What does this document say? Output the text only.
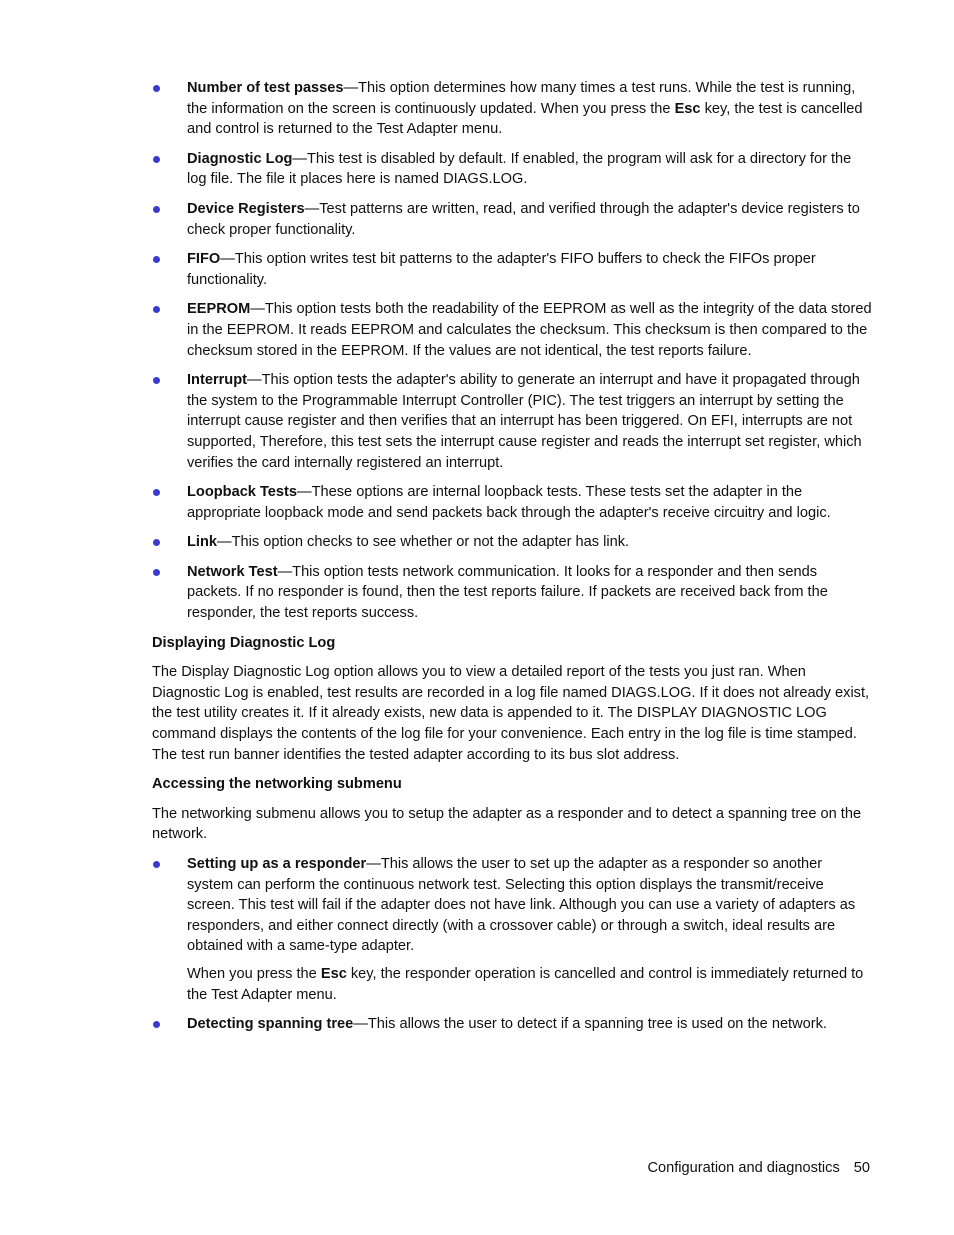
Number of test passes—This option determines how many times a test runs. While the test is running, the information on the screen is continuously updated. When you press the Esc key, the test is cancelled and control is returned to the Test Adapter menu.
Diagnostic Log—This test is disabled by default. If enabled, the program will ask for a directory for the log file. The file it places here is named DIAGS.LOG.
Device Registers—Test patterns are written, read, and verified through the adapter's device registers to check proper functionality.
FIFO—This option writes test bit patterns to the adapter's FIFO buffers to check the FIFOs proper functionality.
EEPROM—This option tests both the readability of the EEPROM as well as the integrity of the data stored in the EEPROM. It reads EEPROM and calculates the checksum. This checksum is then compared to the checksum stored in the EEPROM. If the values are not identical, the test reports failure.
Interrupt—This option tests the adapter's ability to generate an interrupt and have it propagated through the system to the Programmable Interrupt Controller (PIC). The test triggers an interrupt by setting the interrupt cause register and then verifies that an interrupt has been triggered. On EFI, interrupts are not supported, Therefore, this test sets the interrupt cause register and reads the interrupt set register, which verifies the card internally registered an interrupt.
Loopback Tests—These options are internal loopback tests. These tests set the adapter in the appropriate loopback mode and send packets back through the adapter's receive circuitry and logic.
Link—This option checks to see whether or not the adapter has link.
Network Test—This option tests network communication. It looks for a responder and then sends packets. If no responder is found, then the test reports failure. If packets are received back from the responder, the test reports success.
Displaying Diagnostic Log

The Display Diagnostic Log option allows you to view a detailed report of the tests you just ran. When Diagnostic Log is enabled, test results are recorded in a log file named DIAGS.LOG. If it does not already exist, the test utility creates it. If it already exists, new data is appended to it. The DISPLAY DIAGNOSTIC LOG command displays the contents of the log file for your convenience. Each entry in the log file is time stamped. The test run banner identifies the tested adapter according to its bus slot address.

Accessing the networking submenu

The networking submenu allows you to setup the adapter as a responder and to detect a spanning tree on the network.

Setting up as a responder—This allows the user to set up the adapter as a responder so another system can perform the continuous network test. Selecting this option displays the transmit/receive screen. This test will fail if the adapter does not have link. Although you can use a variety of adapters as responders, and either connect directly (with a crossover cable) or through a switch, ideal results are obtained with a same-type adapter.

When you press the Esc key, the responder operation is cancelled and control is immediately returned to the Test Adapter menu.

Detecting spanning tree—This allows the user to detect if a spanning tree is used on the network.
Configuration and diagnostics 50
